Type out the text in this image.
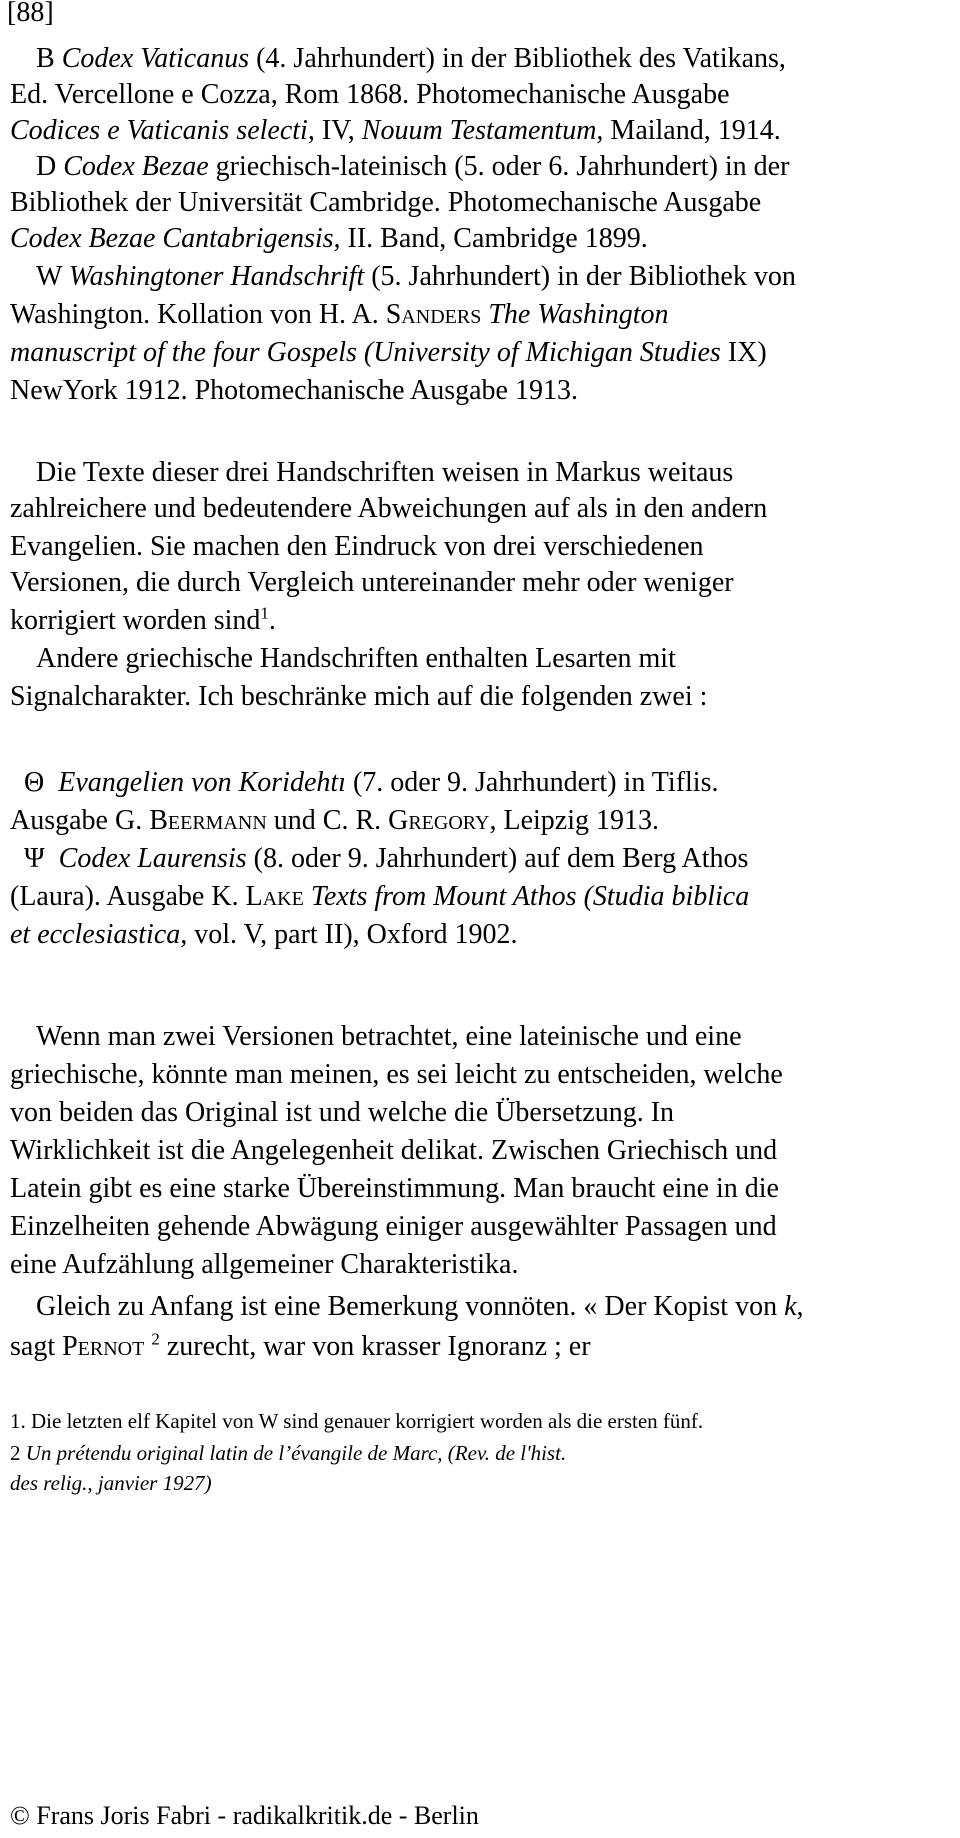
[88]
B Codex Vaticanus (4. Jahrhundert) in der Bibliothek des Vatikans,
Ed. Vercellone e Cozza, Rom 1868. Photomechanische Ausgabe
Codices e Vaticanis selecti, IV, Nouum Testamentum, Mailand, 1914.
D Codex Bezae griechisch-lateinisch (5. oder 6. Jahrhundert) in der
Bibliothek der Universität Cambridge. Photomechanische Ausgabe
Codex Bezae Cantabrigensis, II. Band, Cambridge 1899.
W Washingtoner Handschrift (5. Jahrhundert) in der Bibliothek von
Washington. Kollation von H. A. Sanders The Washington
manuscript of the four Gospels (University of Michigan Studies IX)
NewYork 1912. Photomechanische Ausgabe 1913.
Die Texte dieser drei Handschriften weisen in Markus weitaus
zahlreichere und bedeutendere Abweichungen auf als in den andern
Evangelien. Sie machen den Eindruck von drei verschiedenen
Versionen, die durch Vergleich untereinander mehr oder weniger
korrigiert worden sind$^1$.
Andere griechische Handschriften enthalten Lesarten mit
Signalcharakter. Ich beschränke mich auf die folgenden zwei :
Θ Evangelien von Koridehtı (7. oder 9. Jahrhundert) in Tiflis.
Ausgabe G. Beermann und C. R. Gregory, Leipzig 1913.
Ψ Codex Laurensis (8. oder 9. Jahrhundert) auf dem Berg Athos
(Laura). Ausgabe K. Lake Texts from Mount Athos (Studia biblica
et ecclesiastica, vol. V, part II), Oxford 1902.
Wenn man zwei Versionen betrachtet, eine lateinische und eine
griechische, könnte man meinen, es sei leicht zu entscheiden, welche
von beiden das Original ist und welche die Übersetzung. In
Wirklichkeit ist die Angelegenheit delikat. Zwischen Griechisch und
Latein gibt es eine starke Übereinstimmung. Man braucht eine in die
Einzelheiten gehende Abwägung einiger ausgewählter Passagen und
eine Aufzählung allgemeiner Charakteristika.
Gleich zu Anfang ist eine Bemerkung vonnöten. « Der Kopist von k,
sagt Pernot $^2$ zurecht, war von krasser Ignoranz ; er
1. Die letzten elf Kapitel von W sind genauer korrigiert worden als die ersten fünf.
2 Un prétendu original latin de l’évangile de Marc, (Rev. de l'hist.
des relig., janvier 1927)
© Frans Joris Fabri - radikalkritik.de - Berlin
